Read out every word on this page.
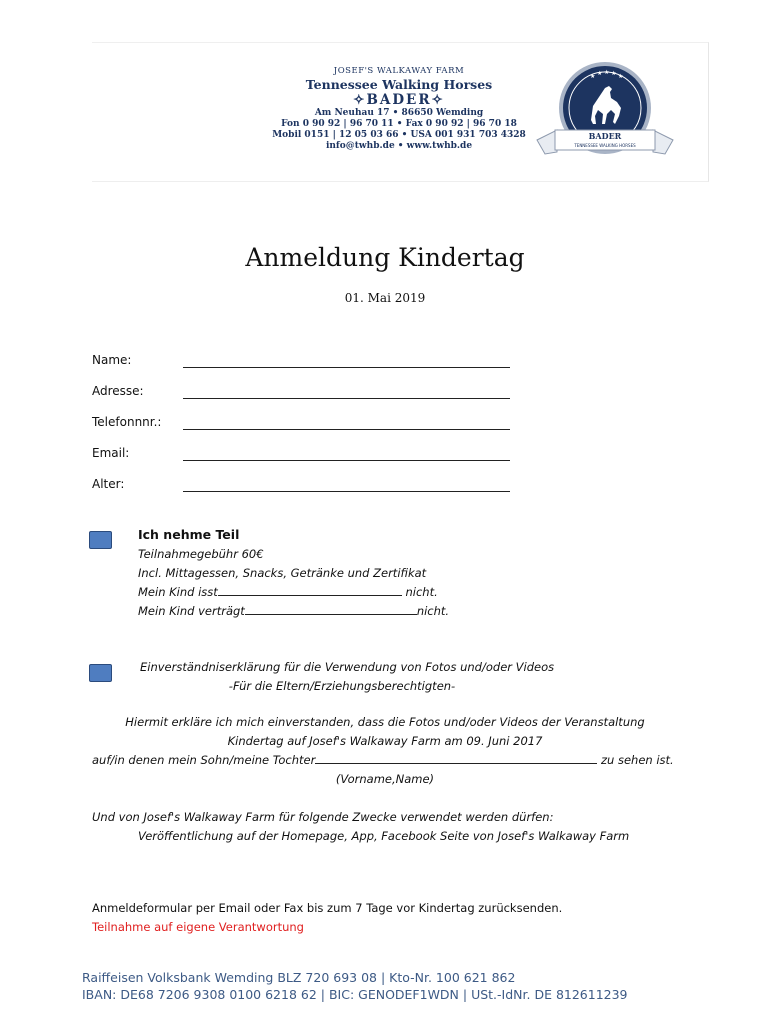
JOSEF'S WALKAWAY FARM
Tennessee Walking Horses
✧BADER✧
Am Neuhau 17 • 86650 Wemding
Fon 0 90 92 | 96 70 11 • Fax 0 90 92 | 96 70 18
Mobil 0151 | 12 05 03 66 • USA 001 931 703 4328
info@twhb.de • www.twhb.de
★ ★ ★ ★ ★
BADER
TENNESSEE WALKING HORSES
Anmeldung Kindertag
01. Mai 2019
Name:
Adresse:
Telefonnnr.:
Email:
Alter:
Ich nehme Teil
Teilnahmegebühr 60€
Incl. Mittagessen, Snacks, Getränke und Zertifikat
Mein Kind isst	nicht.
Mein Kind verträgt	nicht.
Einverständniserklärung für die Verwendung von Fotos und/oder Videos
-Für die Eltern/Erziehungsberechtigten-
Hiermit erkläre ich mich einverstanden, dass die Fotos und/oder Videos der Veranstaltung
Kindertag auf Josef's Walkaway Farm am 09. Juni 2017
auf/in denen mein Sohn/meine Tochter	zu sehen ist.
(Vorname,Name)
Und von Josef's Walkaway Farm für folgende Zwecke verwendet werden dürfen:
Veröffentlichung auf der Homepage, App, Facebook Seite von Josef's Walkaway Farm
Anmeldeformular per Email oder Fax bis zum 7 Tage vor Kindertag zurücksenden.
Teilnahme auf eigene Verantwortung
Raiffeisen Volksbank Wemding BLZ 720 693 08 | Kto-Nr. 100 621 862
IBAN: DE68 7206 9308 0100 6218 62 | BIC: GENODEF1WDN | USt.-IdNr. DE 812611239
